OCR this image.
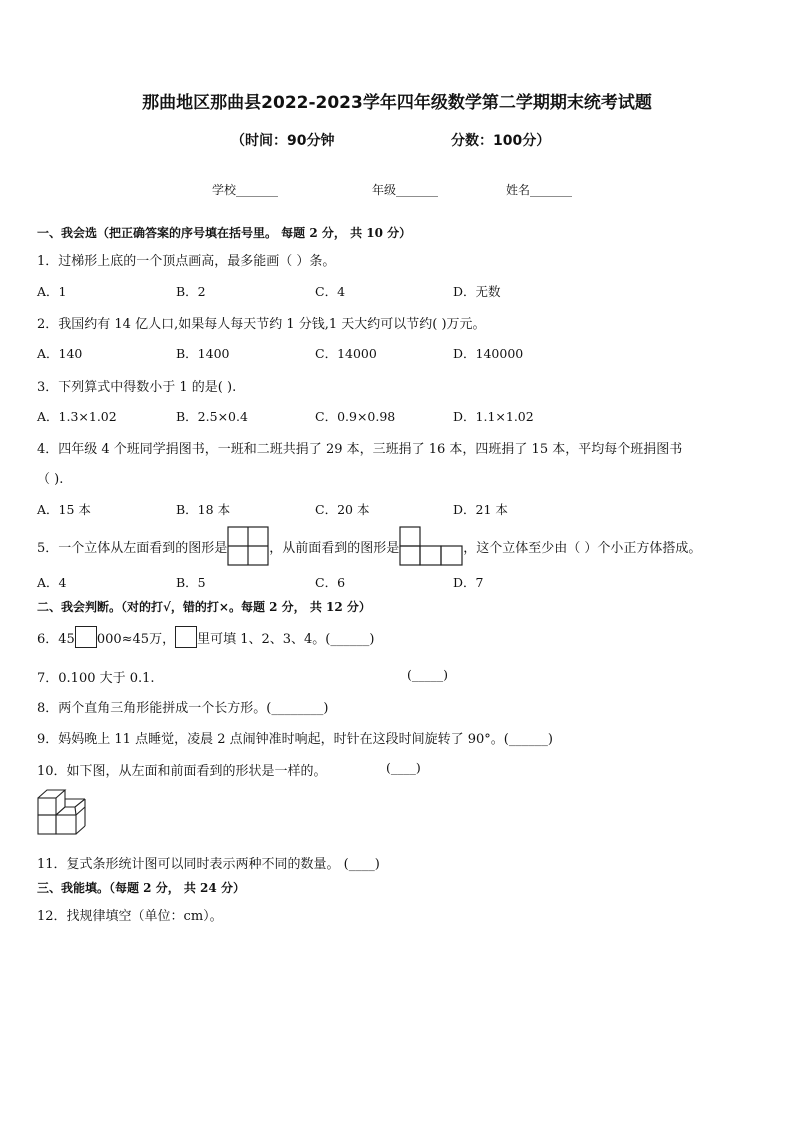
那曲地区那曲县2022-2023学年四年级数学第二学期期末统考试题
（时间：90分钟	分数：100分）
学校_______	年级_______	姓名_______
一、我会选（把正确答案的序号填在括号里。 每题 2 分， 共 10 分）
1．过梯形上底的一个顶点画高，最多能画（ ）条。
A．1	B．2	C．4	D．无数
2．我国约有 14 亿人口,如果每人每天节约 1 分钱,1 天大约可以节约( )万元。
A．140	B．1400	C．14000	D．140000
3．下列算式中得数小于 1 的是( ).
A．1.3×1.02	B．2.5×0.4	C．0.9×0.98	D．1.1×1.02
4．四年级 4 个班同学捐图书，一班和二班共捐了 29 本，三班捐了 16 本，四班捐了 15 本，平均每个班捐图书
（ ).
A．15 本	B．18 本	C．20 本	D．21 本
5．一个立体从左面看到的图形是	，从前面看到的图形是	，这个立体至少由（ ）个小正方体搭成。
A．4	B．5	C．6	D．7
二、我会判断。（对的打√，错的打×。每题 2 分， 共 12 分）
6．45 000≈45万， 里可填 1、2、3、4。(______)
7．0.100 大于 0.1.	(_____)
8．两个直角三角形能拼成一个长方形。(________)
9．妈妈晚上 11 点睡觉，凌晨 2 点闹钟准时响起，时针在这段时间旋转了 90°。(______)
10．如下图，从左面和前面看到的形状是一样的。	(____)
11．复式条形统计图可以同时表示两种不同的数量。 (____)
三、我能填。（每题 2 分， 共 24 分）
12．找规律填空（单位：cm）。
